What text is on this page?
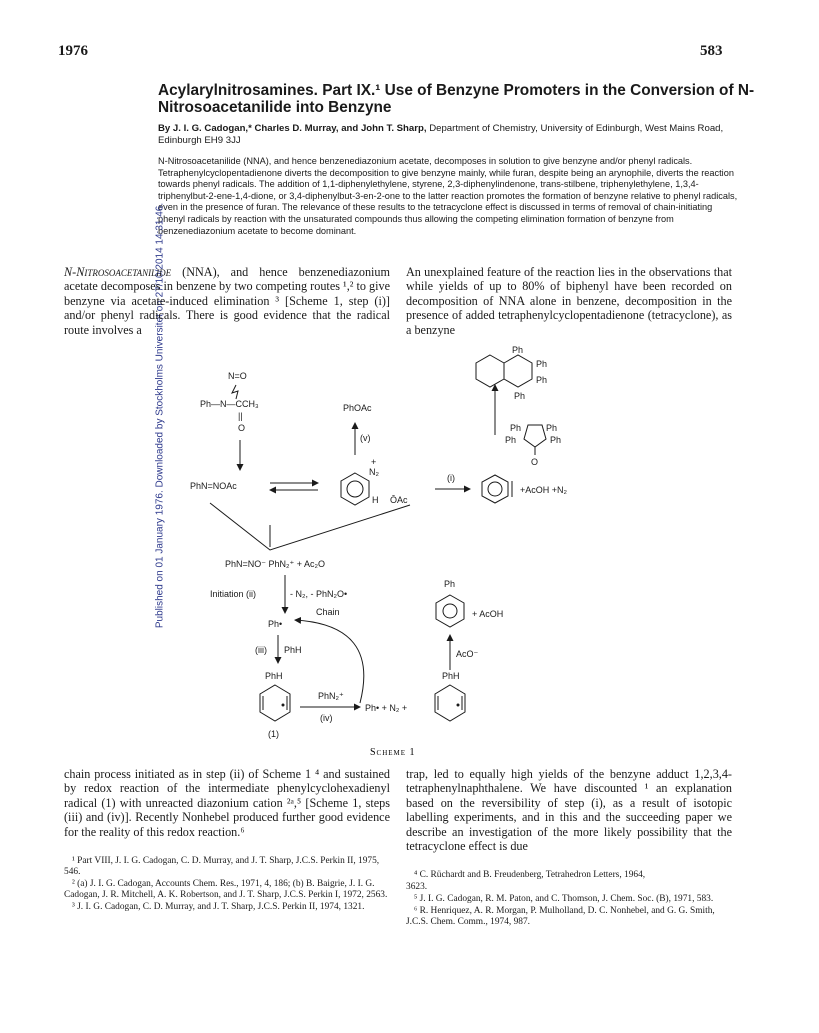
1976	583
Acylarylnitrosamines. Part IX.¹ Use of Benzyne Promoters in the Conversion of N-Nitrosoacetanilide into Benzyne
By J. I. G. Cadogan,* Charles D. Murray, and John T. Sharp, Department of Chemistry, University of Edinburgh, West Mains Road, Edinburgh EH9 3JJ
N-Nitrosoacetanilide (NNA), and hence benzenediazonium acetate, decomposes in solution to give benzyne and/or phenyl radicals. Tetraphenylcyclopentadienone diverts the decomposition to give benzyne mainly, while furan, despite being an arynophile, diverts the reaction towards phenyl radicals. The addition of 1,1-diphenylethylene, styrene, 2,3-diphenylindenone, trans-stilbene, triphenylethylene, 1,3,4-triphenylbut-2-ene-1,4-dione, or 3,4-diphenylbut-3-en-2-one to the latter reaction promotes the formation of benzyne relative to phenyl radicals, even in the presence of furan. The relevance of these results to the tetracyclone effect is discussed in terms of removal of chain-initiating phenyl radicals by reaction with the unsaturated compounds thus allowing the competing elimination formation of benzyne from benzenediazonium acetate to become dominant.
Published on 01 January 1976. Downloaded by Stockholms Universitet on 27/10/2014 14:31:46.
N-Nitrosoacetanilide (NNA), and hence benzenediazonium acetate decomposes in benzene by two competing routes ¹,² to give benzyne via acetate-induced elimination ³ [Scheme 1, step (i)] and/or phenyl radicals. There is good evidence that the radical route involves a
An unexplained feature of the reaction lies in the observations that while yields of up to 80% of biphenyl have been recorded on decomposition of NNA alone in benzene, decomposition in the presence of added tetraphenylcyclopentadienone (tetracyclone), as a benzyne
N=O
Ph—N—CCH₃
||
O
PhOAc
(v)
PhN=NOAc
+
N₂
H ŌAc
(i)
+AcOH +N₂
Ph	Ph
Ph	Ph
O
Ph
Ph
Ph
Ph
PhN=NO⁻ PhN₂⁺ + Ac₂O
Initiation (ii)	- N₂, - PhN₂O•
Ph•
Chain
(iii) PhH
PhH
(1)
PhN₂⁺
(iv)
Ph• + N₂ +
PhH
AcO⁻
Ph
+ AcOH
Scheme 1
chain process initiated as in step (ii) of Scheme 1 ⁴ and sustained by redox reaction of the intermediate phenylcyclohexadienyl radical (1) with unreacted diazonium cation ²ᵃ,⁵ [Scheme 1, steps (iii) and (iv)]. Recently Nonhebel produced further good evidence for the reality of this redox reaction.⁶
trap, led to equally high yields of the benzyne adduct 1,2,3,4-tetraphenylnaphthalene. We have discounted ¹ an explanation based on the reversibility of step (i), as a result of isotopic labelling experiments, and in this and the succeeding paper we describe an investigation of the more likely possibility that the tetracyclone effect is due

¹ Part VIII, J. I. G. Cadogan, C. D. Murray, and J. T. Sharp, J.C.S. Perkin II, 1975, 546.

² (a) J. I. G. Cadogan, Accounts Chem. Res., 1971, 4, 186; (b) B. Baigrie, J. I. G. Cadogan, J. R. Mitchell, A. K. Robertson, and J. T. Sharp, J.C.S. Perkin I, 1972, 2563.

³ J. I. G. Cadogan, C. D. Murray, and J. T. Sharp, J.C.S. Perkin II, 1974, 1321.

⁴ C. Rüchardt and B. Freudenberg, Tetrahedron Letters, 1964,

3623.

⁵ J. I. G. Cadogan, R. M. Paton, and C. Thomson, J. Chem. Soc. (B), 1971, 583.

⁶ R. Henriquez, A. R. Morgan, P. Mulholland, D. C. Nonhebel, and G. G. Smith, J.C.S. Chem. Comm., 1974, 987.
